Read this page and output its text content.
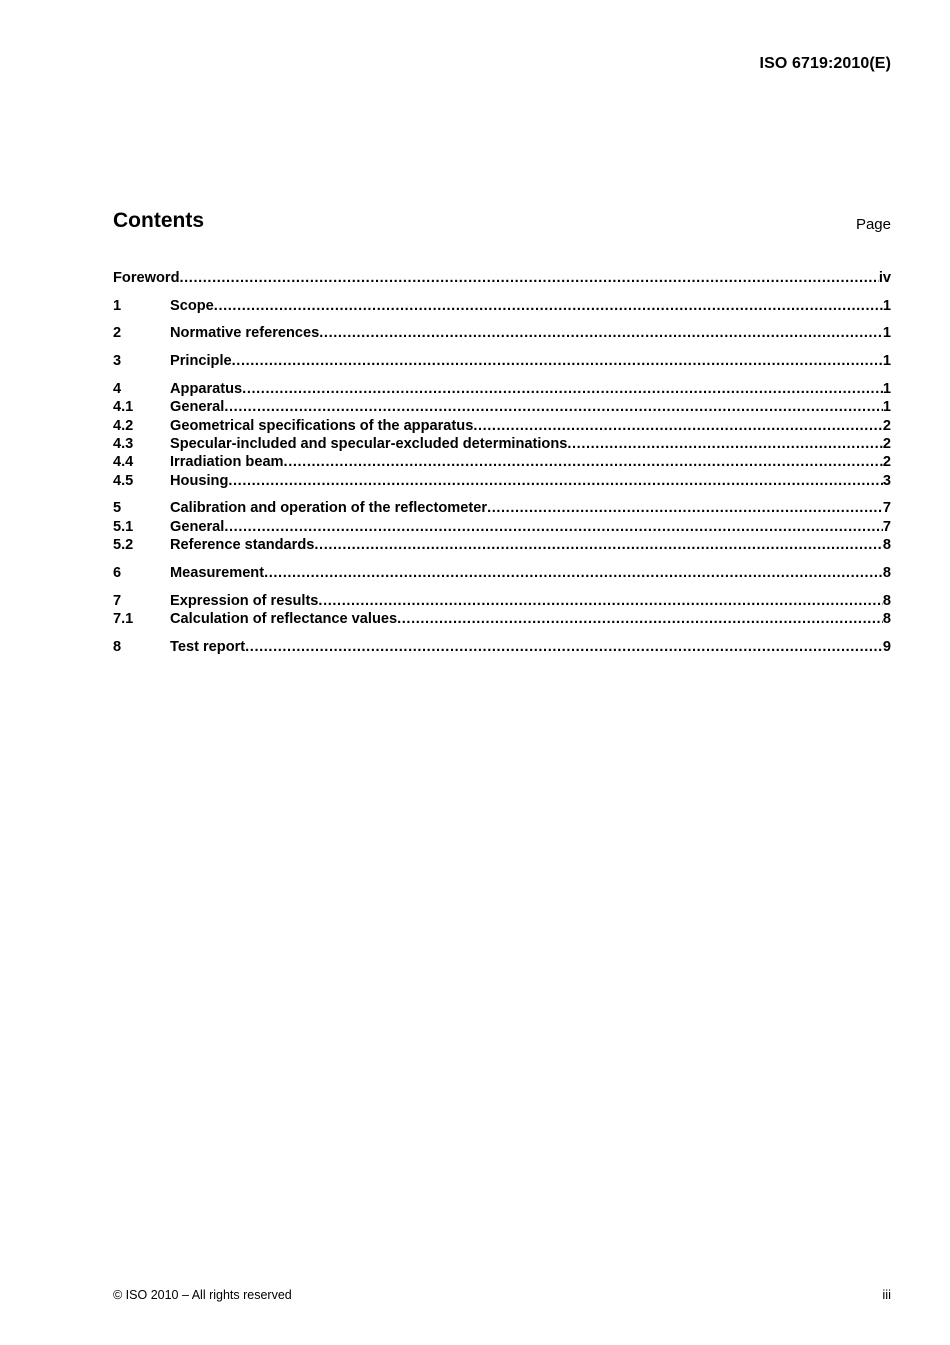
ISO 6719:2010(E)
Contents	Page
Foreword .....	iv
1	Scope .....	1
2	Normative references .....	1
3	Principle .....	1
4	Apparatus .....	1
4.1	General .....	1
4.2	Geometrical specifications of the apparatus .....	2
4.3	Specular-included and specular-excluded determinations .....	2
4.4	Irradiation beam .....	2
4.5	Housing .....	3
5	Calibration and operation of the reflectometer .....	7
5.1	General .....	7
5.2	Reference standards .....	8
6	Measurement .....	8
7	Expression of results .....	8
7.1	Calculation of reflectance values .....	8
8	Test report .....	9
© ISO 2010 – All rights reserved	iii
